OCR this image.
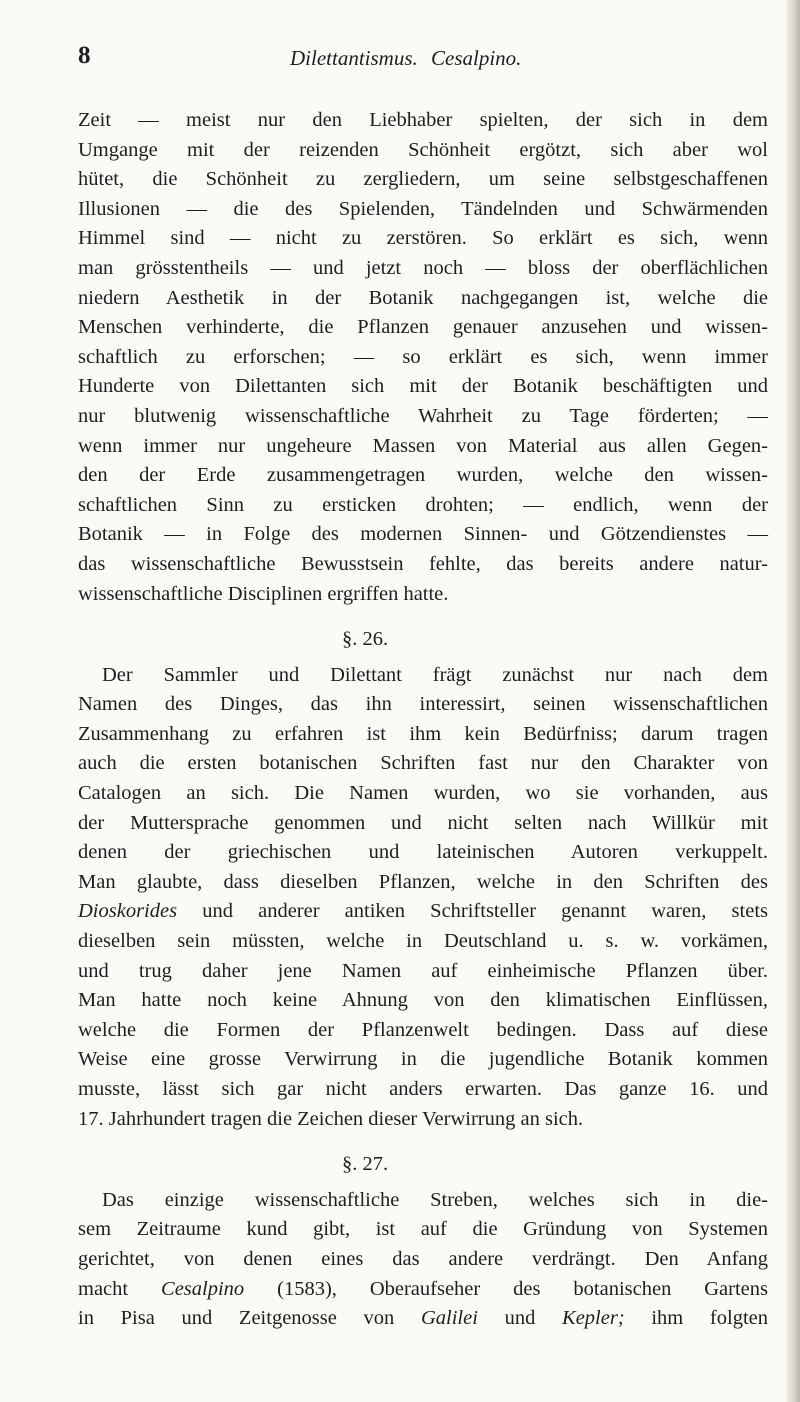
8	Dilettantismus. Cesalpino.
Zeit — meist nur den Liebhaber spielten, der sich in dem
Umgange mit der reizenden Schönheit ergötzt, sich aber wol
hütet, die Schönheit zu zergliedern, um seine selbstgeschaffenen
Illusionen — die des Spielenden, Tändelnden und Schwärmenden
Himmel sind — nicht zu zerstören. So erklärt es sich, wenn
man grösstentheils — und jetzt noch — bloss der oberflächlichen
niedern Aesthetik in der Botanik nachgegangen ist, welche die
Menschen verhinderte, die Pflanzen genauer anzusehen und wissen-
schaftlich zu erforschen; — so erklärt es sich, wenn immer
Hunderte von Dilettanten sich mit der Botanik beschäftigten und
nur blutwenig wissenschaftliche Wahrheit zu Tage förderten; —
wenn immer nur ungeheure Massen von Material aus allen Gegen-
den der Erde zusammengetragen wurden, welche den wissen-
schaftlichen Sinn zu ersticken drohten; — endlich, wenn der
Botanik — in Folge des modernen Sinnen- und Götzendienstes —
das wissenschaftliche Bewusstsein fehlte, das bereits andere natur-
wissenschaftliche Disciplinen ergriffen hatte.
§. 26.
Der Sammler und Dilettant frägt zunächst nur nach dem
Namen des Dinges, das ihn interessirt, seinen wissenschaftlichen
Zusammenhang zu erfahren ist ihm kein Bedürfniss; darum tragen
auch die ersten botanischen Schriften fast nur den Charakter von
Catalogen an sich. Die Namen wurden, wo sie vorhanden, aus
der Muttersprache genommen und nicht selten nach Willkür mit
denen der griechischen und lateinischen Autoren verkuppelt.
Man glaubte, dass dieselben Pflanzen, welche in den Schriften des
Dioskorides und anderer antiken Schriftsteller genannt waren, stets
dieselben sein müssten, welche in Deutschland u. s. w. vorkämen,
und trug daher jene Namen auf einheimische Pflanzen über.
Man hatte noch keine Ahnung von den klimatischen Einflüssen,
welche die Formen der Pflanzenwelt bedingen. Dass auf diese
Weise eine grosse Verwirrung in die jugendliche Botanik kommen
musste, lässt sich gar nicht anders erwarten. Das ganze 16. und
17. Jahrhundert tragen die Zeichen dieser Verwirrung an sich.
§. 27.
Das einzige wissenschaftliche Streben, welches sich in die-
sem Zeitraume kund gibt, ist auf die Gründung von Systemen
gerichtet, von denen eines das andere verdrängt. Den Anfang
macht Cesalpino (1583), Oberaufseher des botanischen Gartens
in Pisa und Zeitgenosse von Galilei und Kepler; ihm folgten
